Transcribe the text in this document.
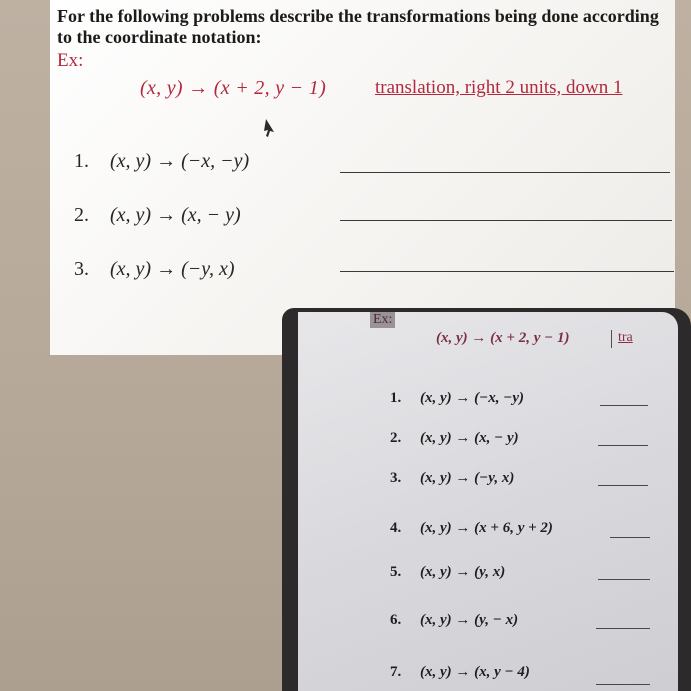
For the following problems describe the transformations being done according to the coordinate notation:

Ex:
(x, y) → (x + 2, y − 1)	translation, right 2 units, down 1
1. (x, y) → (−x, −y)
2. (x, y) → (x, − y)
3. (x, y) → (−y, x)
Ex:
(x, y) → (x + 2, y − 1)	tra
1. (x, y) → (−x, −y)
2. (x, y) → (x, − y)
3. (x, y) → (−y, x)
4. (x, y) → (x + 6, y + 2)
5. (x, y) → (y, x)
6. (x, y) → (y, − x)
7. (x, y) → (x, y − 4)
